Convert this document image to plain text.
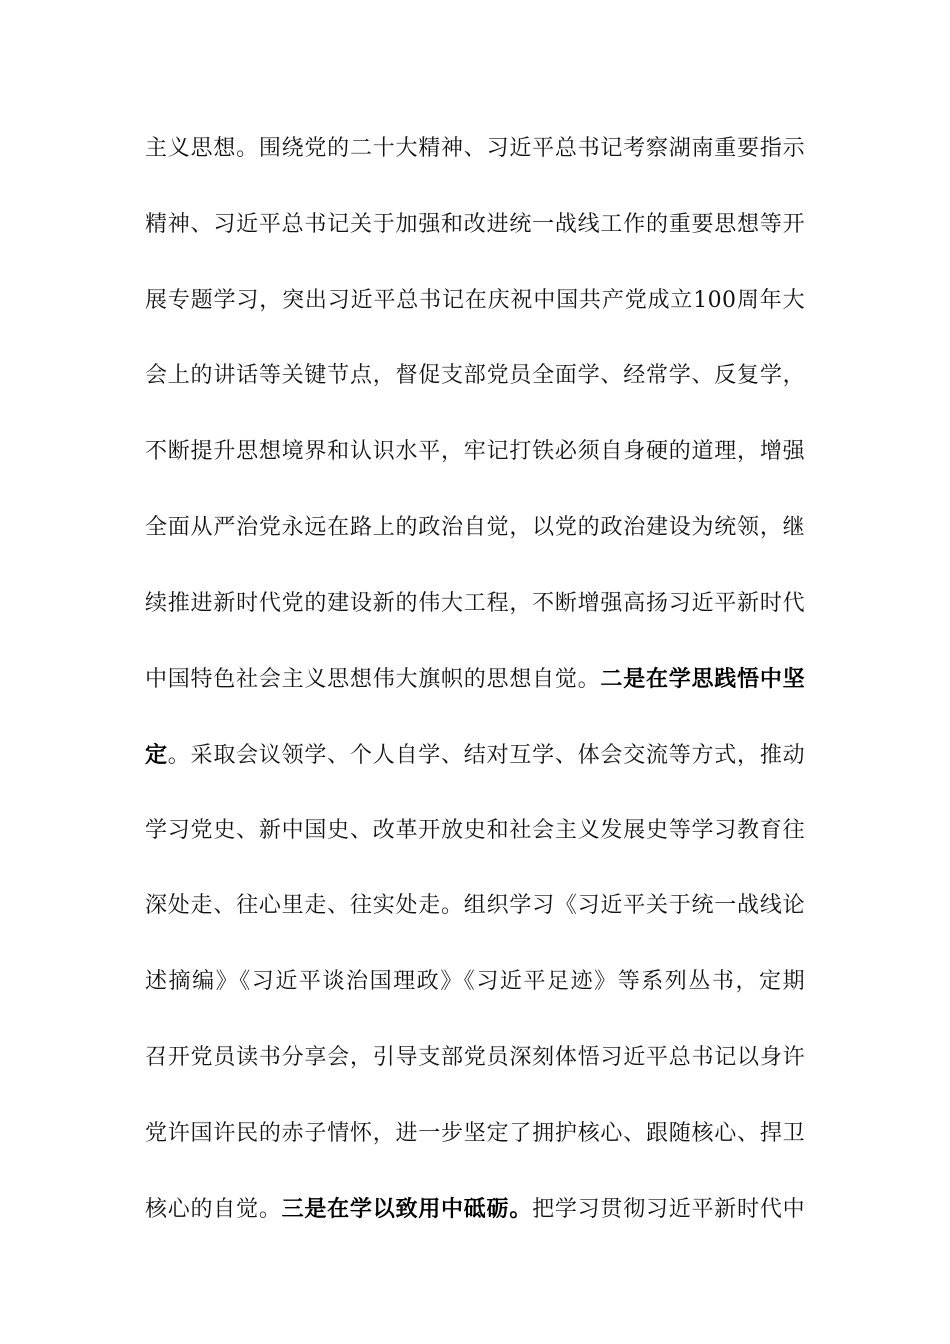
主义思想。围绕党的二十大精神、习近平总书记考察湖南重要指示
精神、习近平总书记关于加强和改进统一战线工作的重要思想等开
展专题学习，突出习近平总书记在庆祝中国共产党成立100周年大
会上的讲话等关键节点，督促支部党员全面学、经常学、反复学，
不断提升思想境界和认识水平，牢记打铁必须自身硬的道理，增强
全面从严治党永远在路上的政治自觉，以党的政治建设为统领，继
续推进新时代党的建设新的伟大工程，不断增强高扬习近平新时代
中国特色社会主义思想伟大旗帜的思想自觉。二是在学思践悟中坚
定。采取会议领学、个人自学、结对互学、体会交流等方式，推动
学习党史、新中国史、改革开放史和社会主义发展史等学习教育往
深处走、往心里走、往实处走。组织学习《习近平关于统一战线论
述摘编》《习近平谈治国理政》《习近平足迹》等系列丛书，定期
召开党员读书分享会，引导支部党员深刻体悟习近平总书记以身许
党许国许民的赤子情怀，进一步坚定了拥护核心、跟随核心、捍卫
核心的自觉。三是在学以致用中砥砺。把学习贯彻习近平新时代中
